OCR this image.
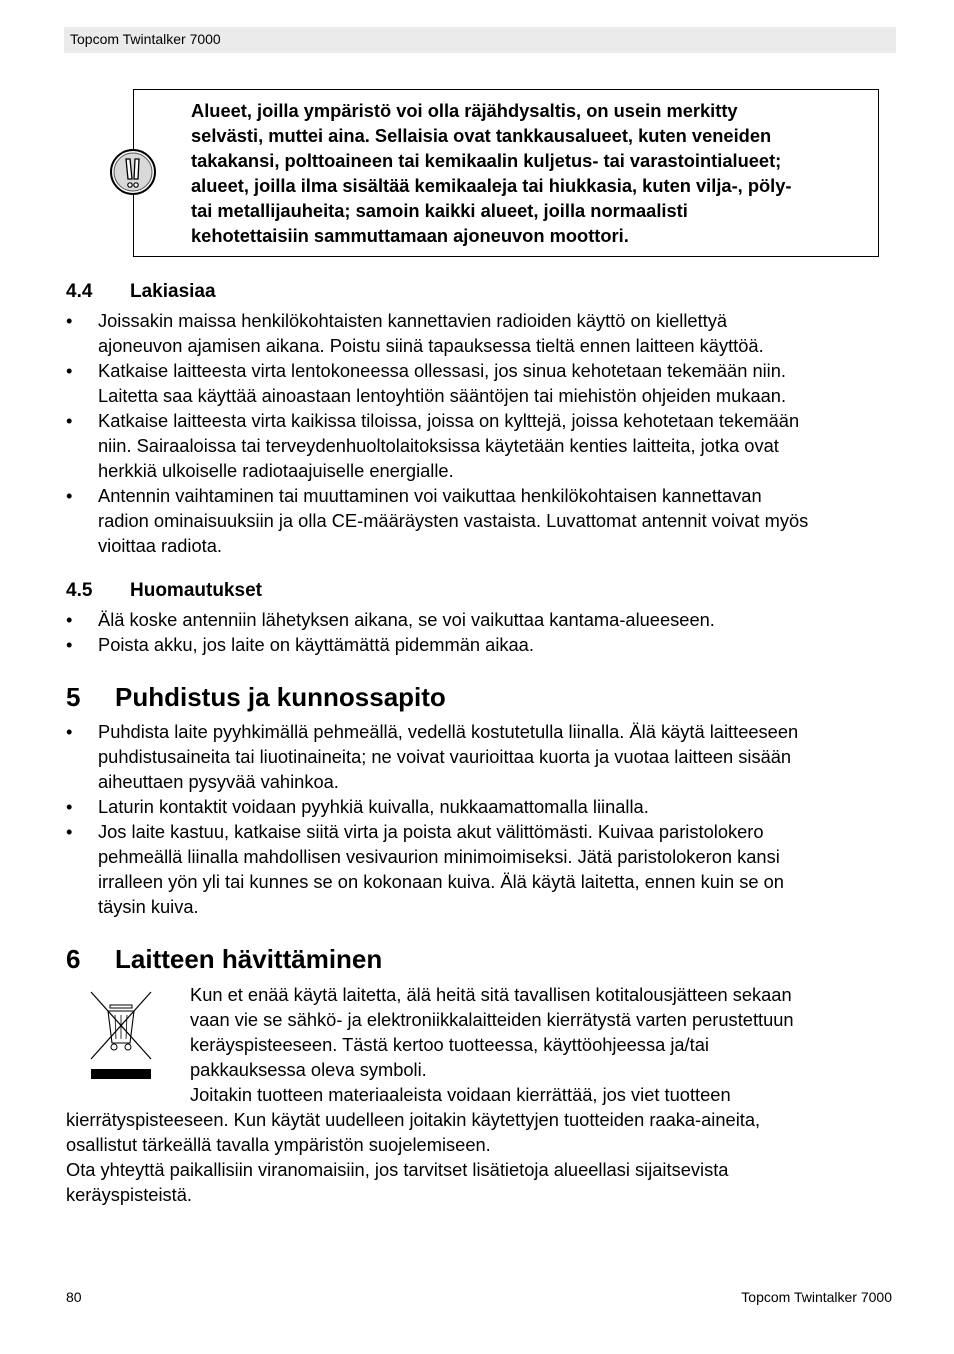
Topcom Twintalker 7000
Alueet, joilla ympäristö voi olla räjähdysaltis, on usein merkitty
selvästi, muttei aina. Sellaisia ovat tankkausalueet, kuten veneiden
takakansi, polttoaineen tai kemikaalin kuljetus- tai varastointialueet;
alueet, joilla ilma sisältää kemikaaleja tai hiukkasia, kuten vilja-, pöly-
tai metallijauheita; samoin kaikki alueet, joilla normaalisti
kehotettaisiin sammuttamaan ajoneuvon moottori.
4.4 Lakiasiaa
• Joissakin maissa henkilökohtaisten kannettavien radioiden käyttö on kiellettyä
ajoneuvon ajamisen aikana. Poistu siinä tapauksessa tieltä ennen laitteen käyttöä.
• Katkaise laitteesta virta lentokoneessa ollessasi, jos sinua kehotetaan tekemään niin.
Laitetta saa käyttää ainoastaan lentoyhtiön sääntöjen tai miehistön ohjeiden mukaan.
• Katkaise laitteesta virta kaikissa tiloissa, joissa on kylttejä, joissa kehotetaan tekemään
niin. Sairaaloissa tai terveydenhuoltolaitoksissa käytetään kenties laitteita, jotka ovat
herkkiä ulkoiselle radiotaajuiselle energialle.
• Antennin vaihtaminen tai muuttaminen voi vaikuttaa henkilökohtaisen kannettavan
radion ominaisuuksiin ja olla CE-määräysten vastaista. Luvattomat antennit voivat myös
vioittaa radiota.
4.5 Huomautukset
• Älä koske antenniin lähetyksen aikana, se voi vaikuttaa kantama-alueeseen.
• Poista akku, jos laite on käyttämättä pidemmän aikaa.
5 Puhdistus ja kunnossapito
• Puhdista laite pyyhkimällä pehmeällä, vedellä kostutetulla liinalla. Älä käytä laitteeseen
puhdistusaineita tai liuotinaineita; ne voivat vaurioittaa kuorta ja vuotaa laitteen sisään
aiheuttaen pysyvää vahinkoa.
• Laturin kontaktit voidaan pyyhkiä kuivalla, nukkaamattomalla liinalla.
• Jos laite kastuu, katkaise siitä virta ja poista akut välittömästi. Kuivaa paristolokero
pehmeällä liinalla mahdollisen vesivaurion minimoimiseksi. Jätä paristolokeron kansi
irralleen yön yli tai kunnes se on kokonaan kuiva. Älä käytä laitetta, ennen kuin se on
täysin kuiva.
6 Laitteen hävittäminen
Kun et enää käytä laitetta, älä heitä sitä tavallisen kotitalousjätteen sekaan
vaan vie se sähkö- ja elektroniikkalaitteiden kierrätystä varten perustettuun
keräyspisteeseen. Tästä kertoo tuotteessa, käyttöohjeessa ja/tai
pakkauksessa oleva symboli.
Joitakin tuotteen materiaaleista voidaan kierrättää, jos viet tuotteen
kierrätyspisteeseen. Kun käytät uudelleen joitakin käytettyjen tuotteiden raaka-aineita,
osallistut tärkeällä tavalla ympäristön suojelemiseen.
Ota yhteyttä paikallisiin viranomaisiin, jos tarvitset lisätietoja alueellasi sijaitsevista
keräyspisteistä.
80	Topcom Twintalker 7000
